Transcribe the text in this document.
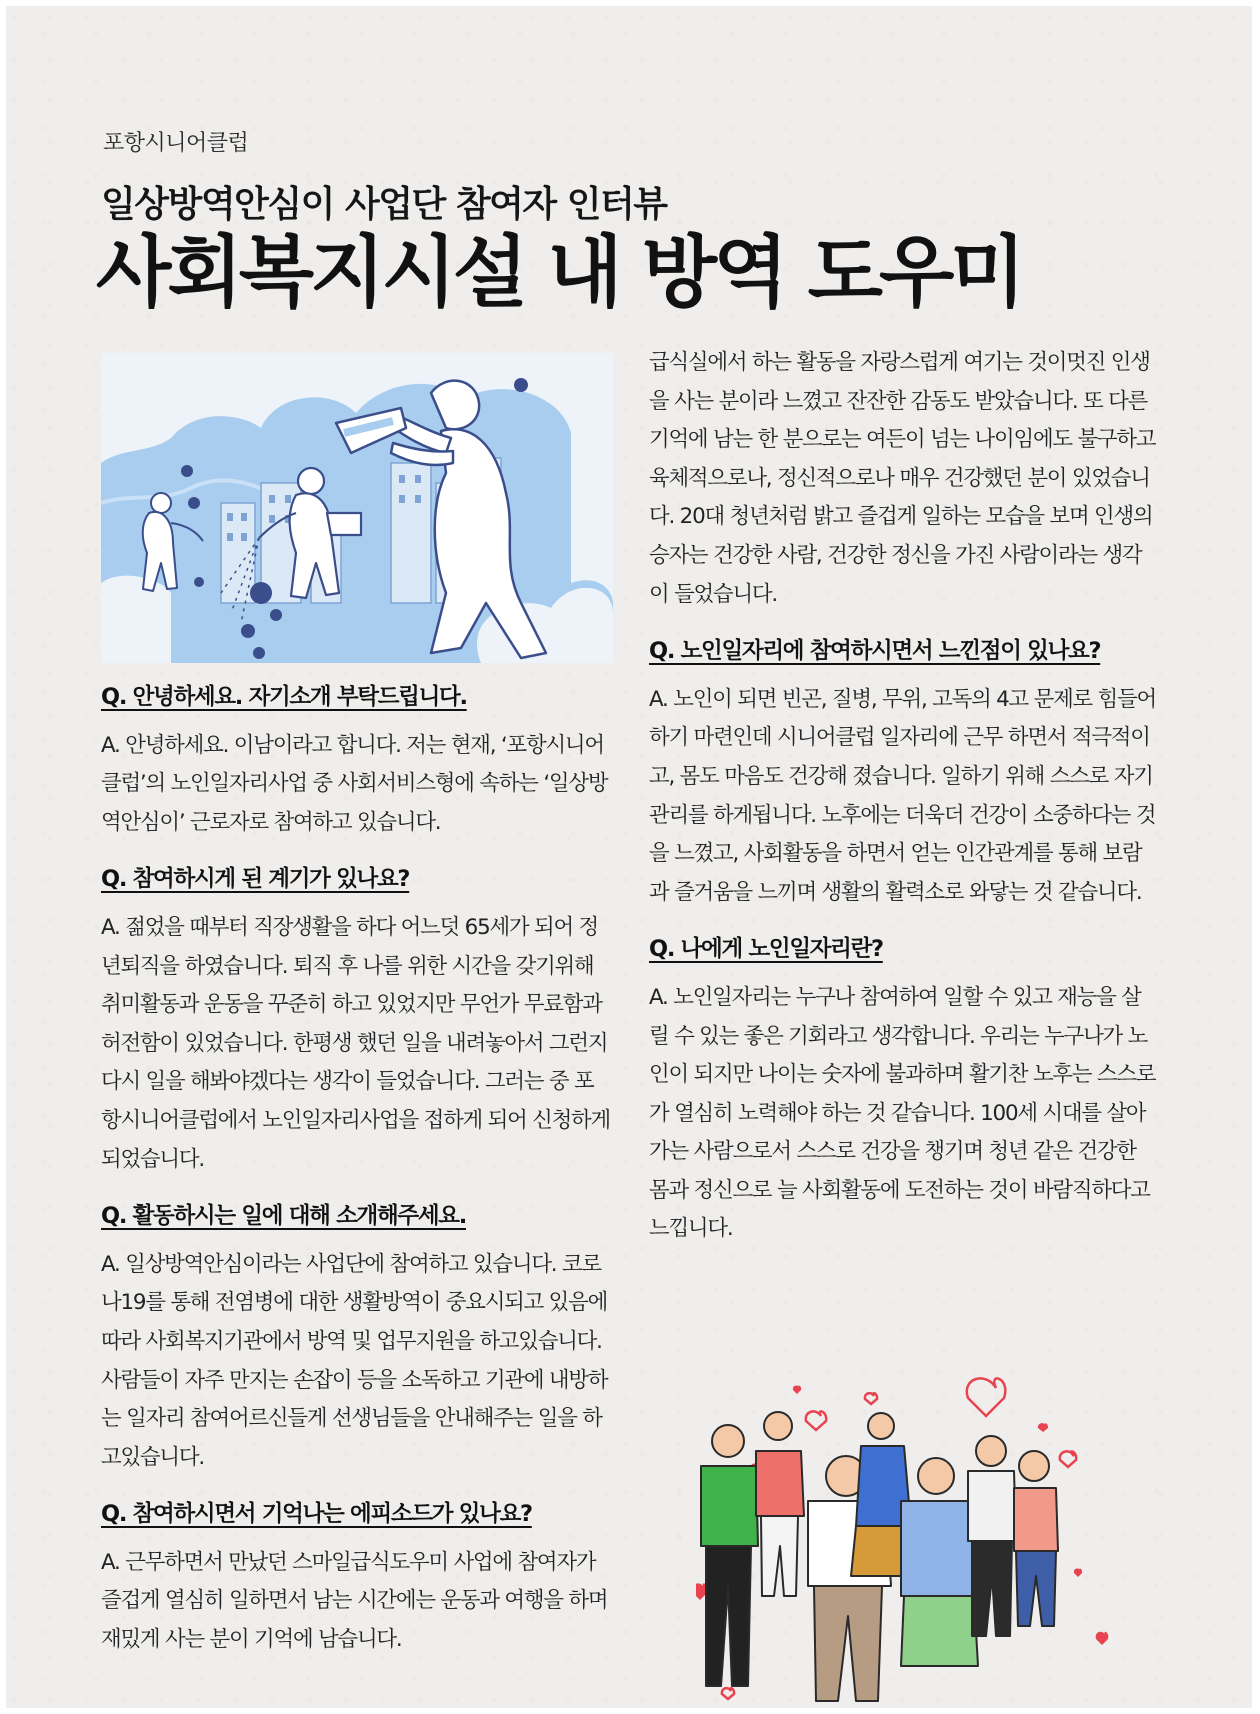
포항시니어클럽
일상방역안심이 사업단 참여자 인터뷰
사회복지시설 내 방역 도우미

Q. 안녕하세요. 자기소개 부탁드립니다.

A. 안녕하세요. 이남이라고 합니다. 저는 현재, ‘포항시니어클럽’의 노인일자리사업 중 사회서비스형에 속하는 ‘일상방역안심이’ 근로자로 참여하고 있습니다.

Q. 참여하시게 된 계기가 있나요?

A. 젊었을 때부터 직장생활을 하다 어느덧 65세가 되어 정년퇴직을 하였습니다. 퇴직 후 나를 위한 시간을 갖기위해 취미활동과 운동을 꾸준히 하고 있었지만 무언가 무료함과 허전함이 있었습니다. 한평생 했던 일을 내려놓아서 그런지 다시 일을 해봐야겠다는 생각이 들었습니다. 그러는 중 포항시니어클럽에서 노인일자리사업을 접하게 되어 신청하게 되었습니다.

Q. 활동하시는 일에 대해 소개해주세요.

A. 일상방역안심이라는 사업단에 참여하고 있습니다. 코로나19를 통해 전염병에 대한 생활방역이 중요시되고 있음에 따라 사회복지기관에서 방역 및 업무지원을 하고있습니다. 사람들이 자주 만지는 손잡이 등을 소독하고 기관에 내방하는 일자리 참여어르신들게 선생님들을 안내해주는 일을 하고있습니다.

Q. 참여하시면서 기억나는 에피소드가 있나요?

A. 근무하면서 만났던 스마일급식도우미 사업에 참여자가 즐겁게 열심히 일하면서 남는 시간에는 운동과 여행을 하며 재밌게 사는 분이 기억에 남습니다.

급식실에서 하는 활동을 자랑스럽게 여기는 것이멋진 인생을 사는 분이라 느꼈고 잔잔한 감동도 받았습니다. 또 다른 기억에 남는 한 분으로는 여든이 넘는 나이임에도 불구하고 육체적으로나, 정신적으로나 매우 건강했던 분이 있었습니다. 20대 청년처럼 밝고 즐겁게 일하는 모습을 보며 인생의 승자는 건강한 사람, 건강한 정신을 가진 사람이라는 생각이 들었습니다.

Q. 노인일자리에 참여하시면서 느낀점이 있나요?

A. 노인이 되면 빈곤, 질병, 무위, 고독의 4고 문제로 힘들어하기 마련인데 시니어클럽 일자리에 근무 하면서 적극적이고, 몸도 마음도 건강해 졌습니다. 일하기 위해 스스로 자기관리를 하게됩니다. 노후에는 더욱더 건강이 소중하다는 것을 느꼈고, 사회활동을 하면서 얻는 인간관계를 통해 보람과 즐거움을 느끼며 생활의 활력소로 와닿는 것 같습니다.

Q. 나에게 노인일자리란?

A. 노인일자리는 누구나 참여하여 일할 수 있고 재능을 살릴 수 있는 좋은 기회라고 생각합니다. 우리는 누구나가 노인이 되지만 나이는 숫자에 불과하며 활기찬 노후는 스스로가 열심히 노력해야 하는 것 같습니다. 100세 시대를 살아가는 사람으로서 스스로 건강을 챙기며 청년 같은 건강한 몸과 정신으로 늘 사회활동에 도전하는 것이 바람직하다고 느낍니다.
